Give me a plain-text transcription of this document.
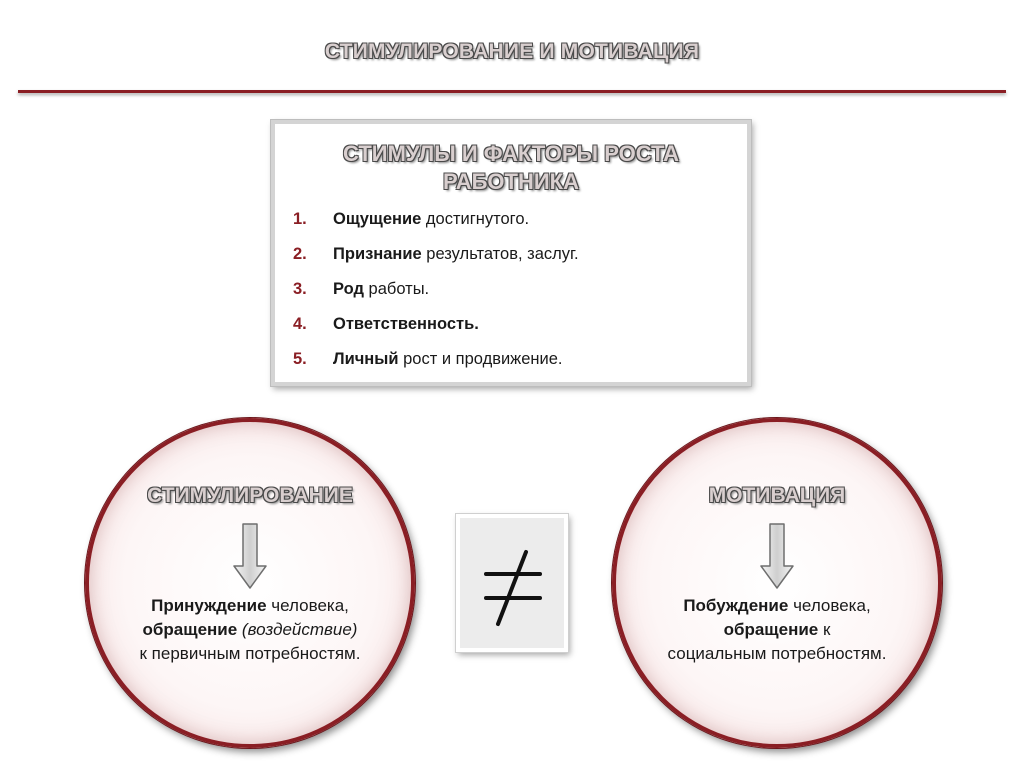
СТИМУЛИРОВАНИЕ И МОТИВАЦИЯ
СТИМУЛЫ И ФАКТОРЫ РОСТА
РАБОТНИКА
1. Ощущение достигнутого.
2. Признание результатов, заслуг.
3. Род работы.
4. Ответственность.
5. Личный рост и продвижение.
СТИМУЛИРОВАНИЕ
Принуждение человека,
обращение (воздействие)
к первичным потребностям.
МОТИВАЦИЯ
Побуждение человека,
обращение к
социальным потребностям.
